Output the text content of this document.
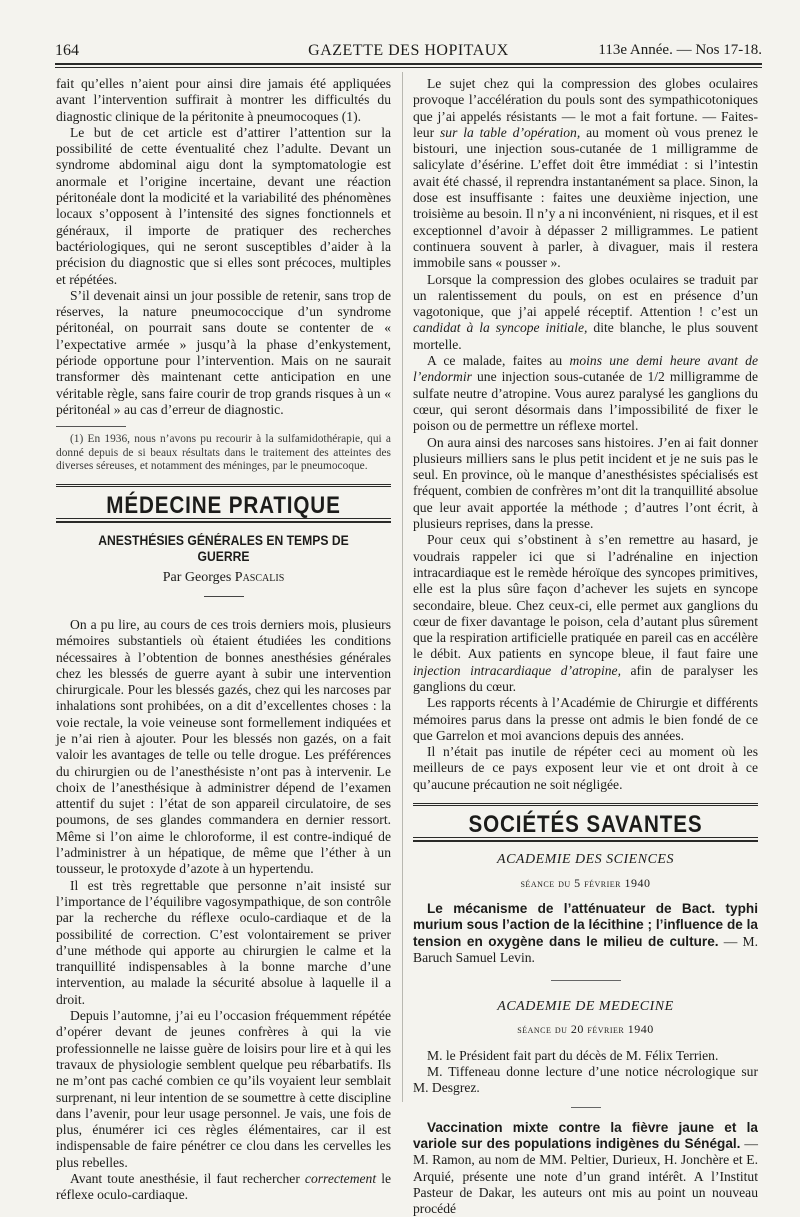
164	GAZETTE DES HOPITAUX	113e Année. — Nos 17-18.

fait qu’elles n’aient pour ainsi dire jamais été appliquées avant l’intervention suffirait à montrer les difficultés du diagnostic clinique de la péritonite à pneumocoques (1).

Le but de cet article est d’attirer l’attention sur la possibilité de cette éventualité chez l’adulte. Devant un syndrome abdominal aigu dont la symptomatologie est anormale et l’origine incertaine, devant une réaction péritonéale dont la modicité et la variabilité des phénomènes locaux s’opposent à l’intensité des signes fonctionnels et généraux, il importe de pratiquer des recherches bactériologiques, qui ne seront susceptibles d’aider à la précision du diagnostic que si elles sont précoces, multiples et répétées.

S’il devenait ainsi un jour possible de retenir, sans trop de réserves, la nature pneumococcique d’un syndrome péritonéal, on pourrait sans doute se contenter de « l’expectative armée » jusqu’à la phase d’enkystement, période opportune pour l’intervention. Mais on ne saurait transformer dès maintenant cette anticipation en une véritable règle, sans faire courir de trop grands risques à un « péritonéal » au cas d’erreur de diagnostic.

(1) En 1936, nous n’avons pu recourir à la sulfamidothérapie, qui a donné depuis de si beaux résultats dans le traitement des atteintes des diverses séreuses, et notamment des méninges, par le pneumocoque.

MÉDECINE PRATIQUE
ANESTHÉSIES GÉNÉRALES EN TEMPS DE GUERRE
Par Georges Pascalis

On a pu lire, au cours de ces trois derniers mois, plusieurs mémoires substantiels où étaient étudiées les conditions nécessaires à l’obtention de bonnes anesthésies générales chez les blessés de guerre ayant à subir une intervention chirurgicale. Pour les blessés gazés, chez qui les narcoses par inhalations sont prohibées, on a dit d’excellentes choses : la voie rectale, la voie veineuse sont formellement indiquées et je n’ai rien à ajouter. Pour les blessés non gazés, on a fait valoir les avantages de telle ou telle drogue. Les préférences du chirurgien ou de l’anesthésiste n’ont pas à intervenir. Le choix de l’anesthésique à administrer dépend de l’examen attentif du sujet : l’état de son appareil circulatoire, de ses poumons, de ses glandes commandera en dernier ressort. Même si l’on aime le chloroforme, il est contre-indiqué de l’administrer à un hépatique, de même que l’éther à un tousseur, le protoxyde d’azote à un hypertendu.

Il est très regrettable que personne n’ait insisté sur l’importance de l’équilibre vagosympathique, de son contrôle par la recherche du réflexe oculo-cardiaque et de la possibilité de correction. C’est volontairement se priver d’une méthode qui apporte au chirurgien le calme et la tranquillité indispensables à la bonne marche d’une intervention, au malade la sécurité absolue à laquelle il a droit.

Depuis l’automne, j’ai eu l’occasion fréquemment répétée d’opérer devant de jeunes confrères à qui la vie professionnelle ne laisse guère de loisirs pour lire et à qui les travaux de physiologie semblent quelque peu rébarbatifs. Ils ne m’ont pas caché combien ce qu’ils voyaient leur semblait surprenant, ni leur intention de se soumettre à cette discipline dans l’avenir, pour leur usage personnel. Je vais, une fois de plus, énumérer ici ces règles élémentaires, car il est indispensable de faire pénétrer ce clou dans les cervelles les plus rebelles.

Avant toute anesthésie, il faut rechercher correctement le réflexe oculo-cardiaque.

Le sujet chez qui la compression des globes oculaires provoque l’accélération du pouls sont des sympathicotoniques que j’ai appelés résistants — le mot a fait fortune. — Faites-leur sur la table d’opération, au moment où vous prenez le bistouri, une injection sous-cutanée de 1 milligramme de salicylate d’ésérine. L’effet doit être immédiat : si l’intestin avait été chassé, il reprendra instantanément sa place. Sinon, la dose est insuffisante : faites une deuxième injection, une troisième au besoin. Il n’y a ni inconvénient, ni risques, et il est exceptionnel d’avoir à dépasser 2 milligrammes. Le patient continuera souvent à parler, à divaguer, mais il restera immobile sans « pousser ».

Lorsque la compression des globes oculaires se traduit par un ralentissement du pouls, on est en présence d’un vagotonique, que j’ai appelé réceptif. Attention ! c’est un candidat à la syncope initiale, dite blanche, le plus souvent mortelle.

A ce malade, faites au moins une demi heure avant de l’endormir une injection sous-cutanée de 1/2 milligramme de sulfate neutre d’atropine. Vous aurez paralysé les ganglions du cœur, qui seront désormais dans l’impossibilité de fixer le poison ou de permettre un réflexe mortel.

On aura ainsi des narcoses sans histoires. J’en ai fait donner plusieurs milliers sans le plus petit incident et je ne suis pas le seul. En province, où le manque d’anesthésistes spécialisés est fréquent, combien de confrères m’ont dit la tranquillité absolue que leur avait apportée la méthode ; d’autres l’ont écrit, à plusieurs reprises, dans la presse.

Pour ceux qui s’obstinent à s’en remettre au hasard, je voudrais rappeler ici que si l’adrénaline en injection intracardiaque est le remède héroïque des syncopes primitives, elle est la plus sûre façon d’achever les sujets en syncope secondaire, bleue. Chez ceux-ci, elle permet aux ganglions du cœur de fixer davantage le poison, cela d’autant plus sûrement que la respiration artificielle pratiquée en pareil cas en accélère le débit. Aux patients en syncope bleue, il faut faire une injection intracardiaque d’atropine, afin de paralyser les ganglions du cœur.

Les rapports récents à l’Académie de Chirurgie et différents mémoires parus dans la presse ont admis le bien fondé de ce que Garrelon et moi avancions depuis des années.

Il n’était pas inutile de répéter ceci au moment où les meilleurs de ce pays exposent leur vie et ont droit à ce qu’aucune précaution ne soit négligée.

SOCIÉTÉS SAVANTES
ACADEMIE DES SCIENCES
séance du 5 février 1940

Le mécanisme de l’atténuateur de Bact. typhi murium sous l’action de la lécithine ; l’influence de la tension en oxygène dans le milieu de culture. — M. Baruch Samuel Levin.

ACADEMIE DE MEDECINE
séance du 20 février 1940

M. le Président fait part du décès de M. Félix Terrien.

M. Tiffeneau donne lecture d’une notice nécrologique sur M. Desgrez.

Vaccination mixte contre la fièvre jaune et la variole sur des populations indigènes du Sénégal. — M. Ramon, au nom de MM. Peltier, Durieux, H. Jonchère et E. Arquié, présente une note d’un grand intérêt. A l’Institut Pasteur de Dakar, les auteurs ont mis au point un nouveau procédé
